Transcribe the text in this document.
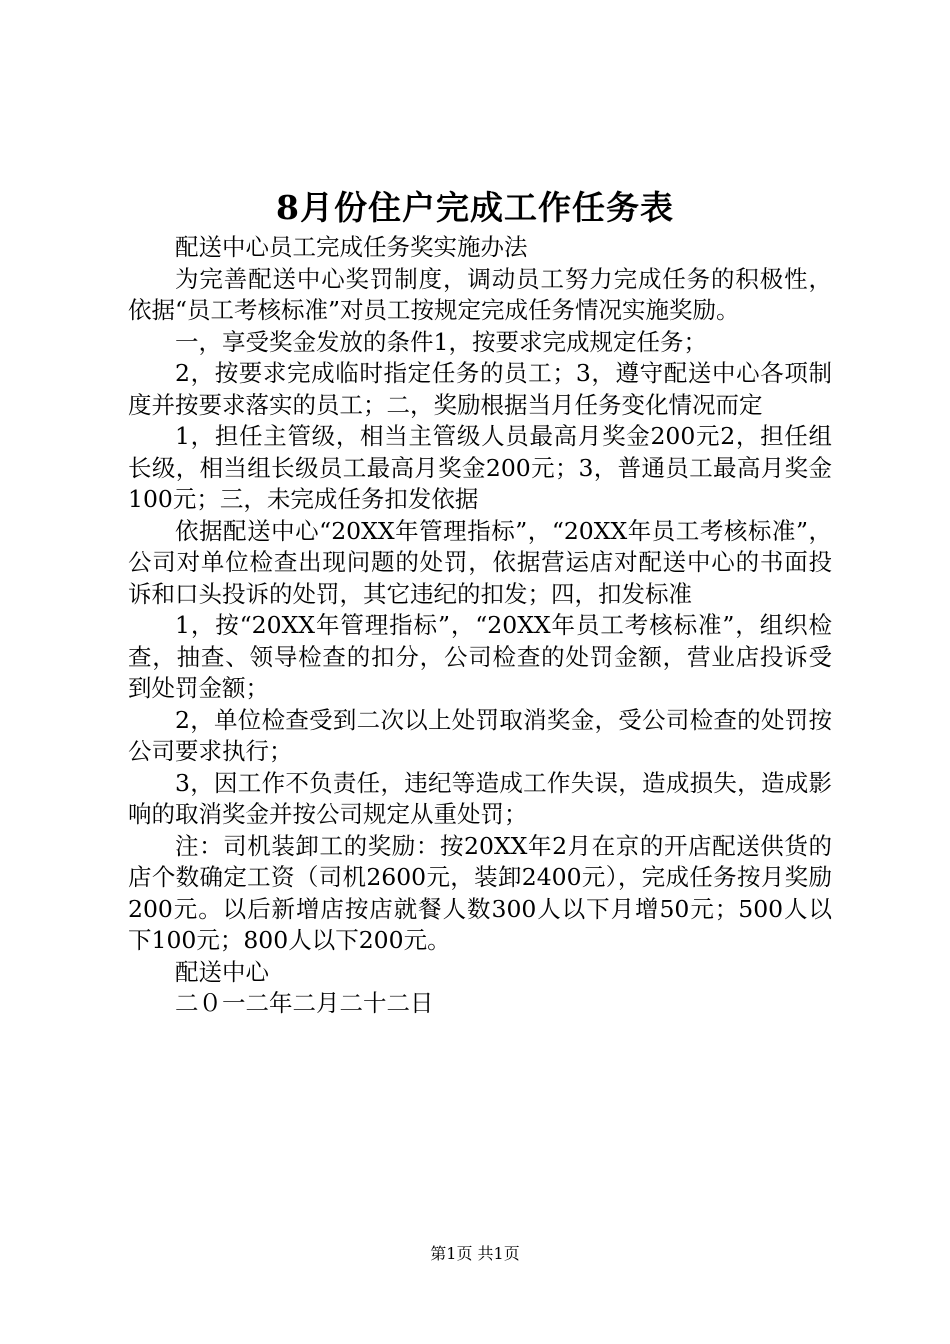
8月份住户完成工作任务表

配送中心员工完成任务奖实施办法

为完善配送中心奖罚制度，调动员工努力完成任务的积极性，依据“员工考核标准”对员工按规定完成任务情况实施奖励。

一，享受奖金发放的条件1，按要求完成规定任务；

2，按要求完成临时指定任务的员工；3，遵守配送中心各项制度并按要求落实的员工；二，奖励根据当月任务变化情况而定

1，担任主管级，相当主管级人员最高月奖金200元2，担任组长级，相当组长级员工最高月奖金200元；3，普通员工最高月奖金100元；三，未完成任务扣发依据

依据配送中心“20XX年管理指标”，“20XX年员工考核标准”，公司对单位检查出现问题的处罚，依据营运店对配送中心的书面投诉和口头投诉的处罚，其它违纪的扣发；四，扣发标准

1，按“20XX年管理指标”，“20XX年员工考核标准”，组织检查，抽查、领导检查的扣分，公司检查的处罚金额，营业店投诉受到处罚金额；

2，单位检查受到二次以上处罚取消奖金，受公司检查的处罚按公司要求执行；

3，因工作不负责任，违纪等造成工作失误，造成损失，造成影响的取消奖金并按公司规定从重处罚；

注：司机装卸工的奖励：按20XX年2月在京的开店配送供货的店个数确定工资（司机2600元，装卸2400元），完成任务按月奖励200元。以后新增店按店就餐人数300人以下月增50元；500人以下100元；800人以下200元。

配送中心

二０一二年二月二十二日

第1页 共1页
